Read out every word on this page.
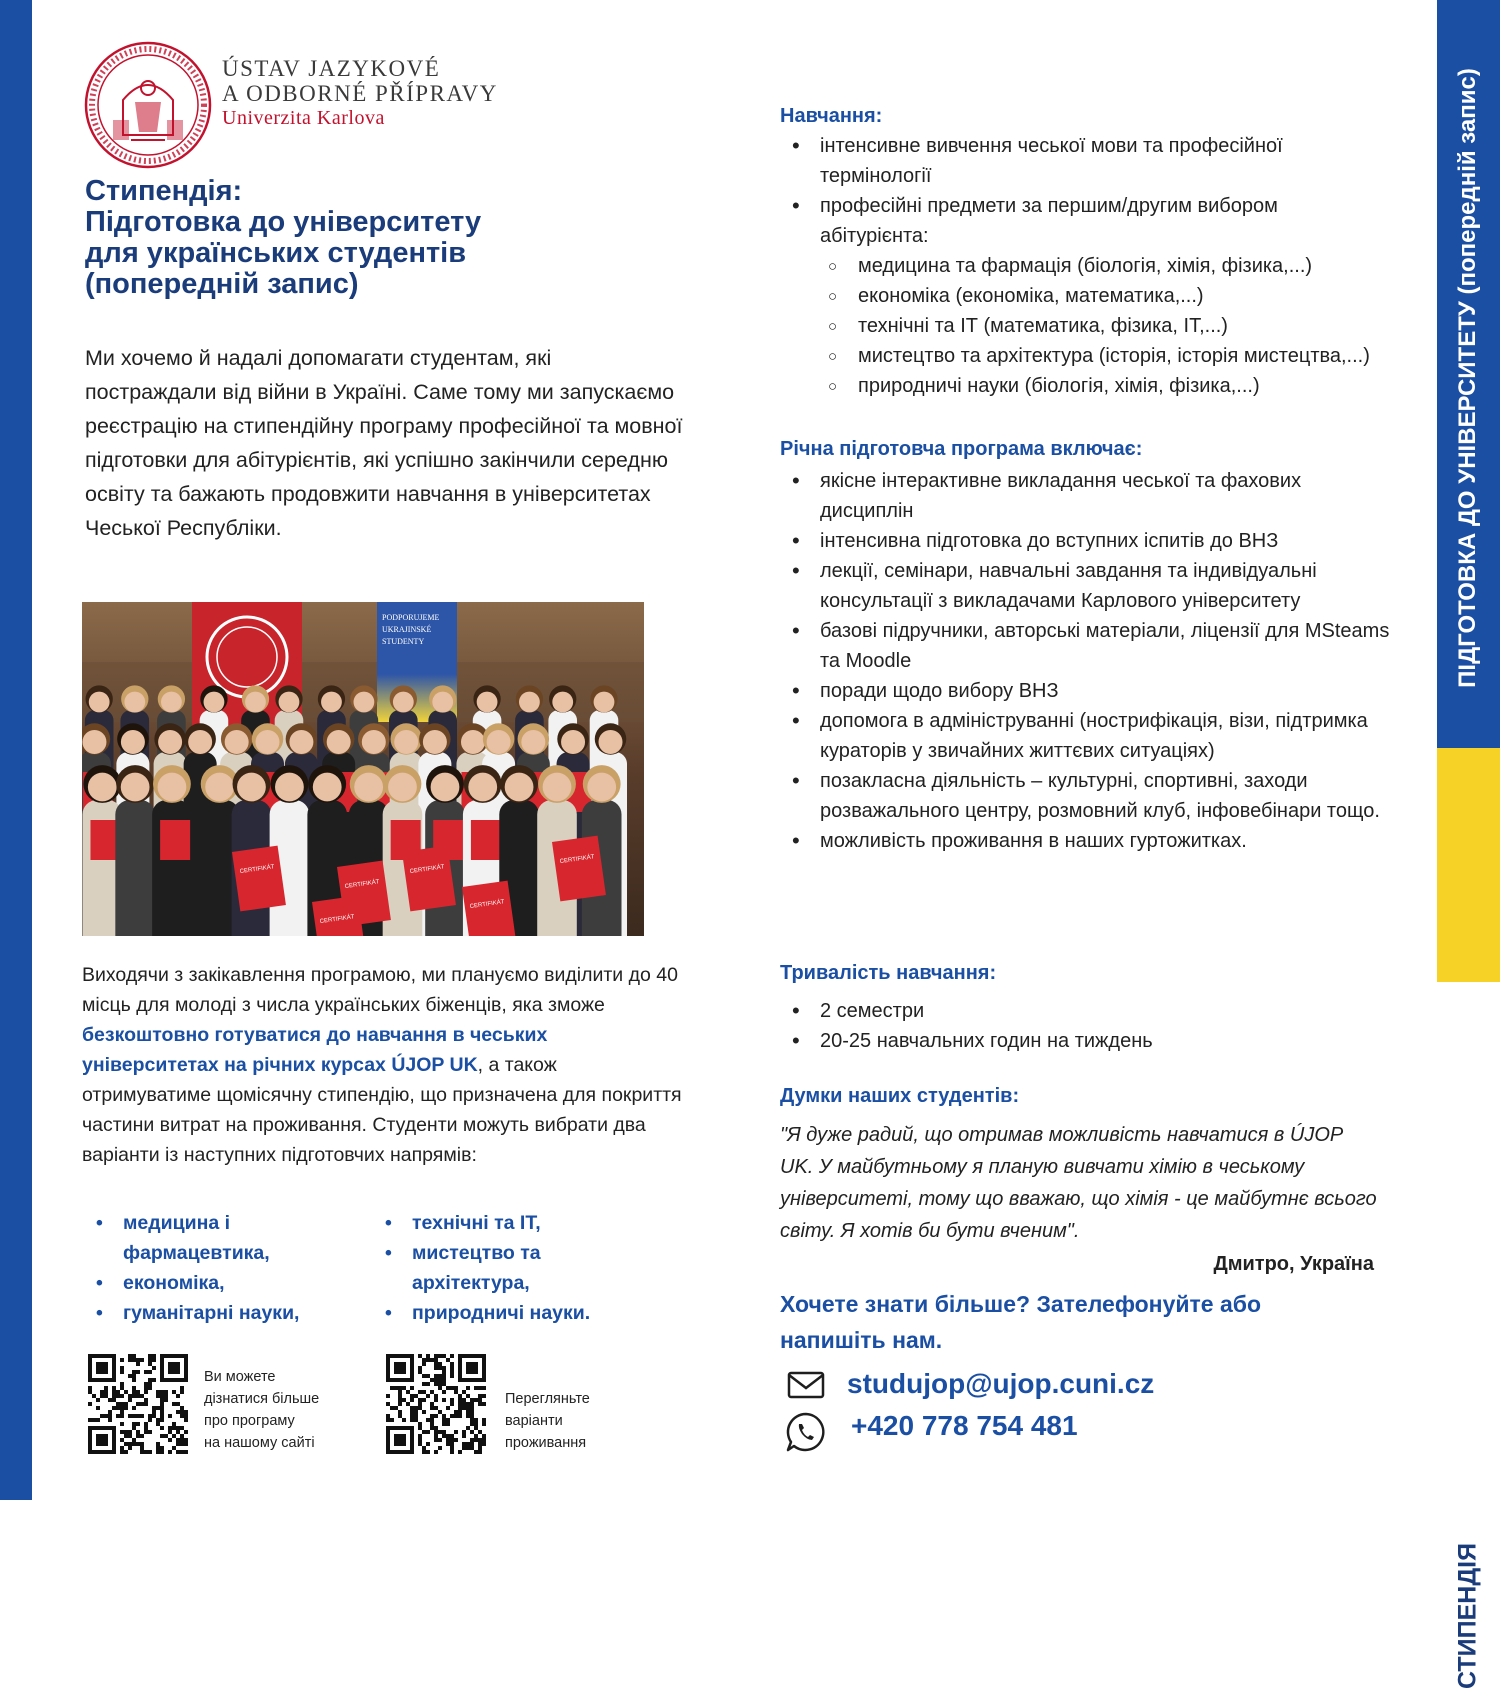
ПІДГОТОВКА ДО УНІВЕРСИТЕТУ (попередній запис)
СТИПЕНДІЯ
ÚSTAV JAZYKOVÉ
A ODBORNÉ PŘÍPRAVY
Univerzita Karlova
Стипендія:
Підготовка до університету
для українських студентів
(попередній запис)
Ми хочемо й надалі допомагати студентам, які постраждали від війни в Україні. Саме тому ми запускаємо реєстрацію на стипендійну програму професійної та мовної підготовки для абітурієнтів, які успішно закінчили середню освіту та бажають продовжити навчання в університетах Чеської Республіки.
PODPORUJEME
UKRAJINSKÉ
STUDENTY
CERTIFIKÁT
CERTIFIKÁT
CERTIFIKÁT
CERTIFIKÁT
CERTIFIKÁT
CERTIFIKÁT
Виходячи з закікавлення програмою, ми плануємо виділити до 40 місць для молоді з числа українських біженців, яка зможе безкоштовно готуватися до навчання в чеських університетах на річних курсах ÚJOP UK, а також отримуватиме щомісячну стипендію, що призначена для покриття частини витрат на проживання. Студенти можуть вибрати два варіанти із наступних підготовчих напрямів:
• медицина і фармацевтика,
• економіка,
• гуманітарні науки,
• технічні та ІТ,
• мистецтво та архітектура,
• природничі науки.
Ви можете
дізнатися більше
про програму
на нашому сайті
Перегляньте
варіанти
проживання
Навчання:
• інтенсивне вивчення чеської мови та професійної термінології
• професійні предмети за першим/другим вибором абітурієнта:
○ медицина та фармація (біологія, хімія, фізика,...)
○ економіка (економіка, математика,...)
○ технічні та ІТ (математика, фізика, ІТ,...)
○ мистецтво та архітектура (історія, історія мистецтва,...)
○ природничі науки (біологія, хімія, фізика,...)
Річна підготовча програма включає:
• якісне інтерактивне викладання чеської та фахових дисциплін
• інтенсивна підготовка до вступних іспитів до ВНЗ
• лекції, семінари, навчальні завдання та індивідуальні консультації з викладачами Карлового університету
• базові підручники, авторські матеріали, ліцензії для MSteams та Moodle
• поради щодо вибору ВНЗ
• допомога в адмініструванні (нострифікація, візи, підтримка кураторів у звичайних життєвих ситуаціях)
• позакласна діяльність – культурні, спортивні, заходи розважального центру, розмовний клуб, інфовебінари тощо.
• можливість проживання в наших гуртожитках.
Тривалість навчання:
• 2 семестри
• 20-25 навчальних годин на тиждень
Думки наших студентів:
"Я дуже радий, що отримав можливість навчатися в ÚJOP UK. У майбутньому я планую вивчати хімію в чеському університеті, тому що вважаю, що хімія - це майбутнє всього світу. Я хотів би бути вченим".
Дмитро, Україна
Хочете знати більше? Зателефонуйте або
напишіть нам.
studujop@ujop.cuni.cz
+420 778 754 481
